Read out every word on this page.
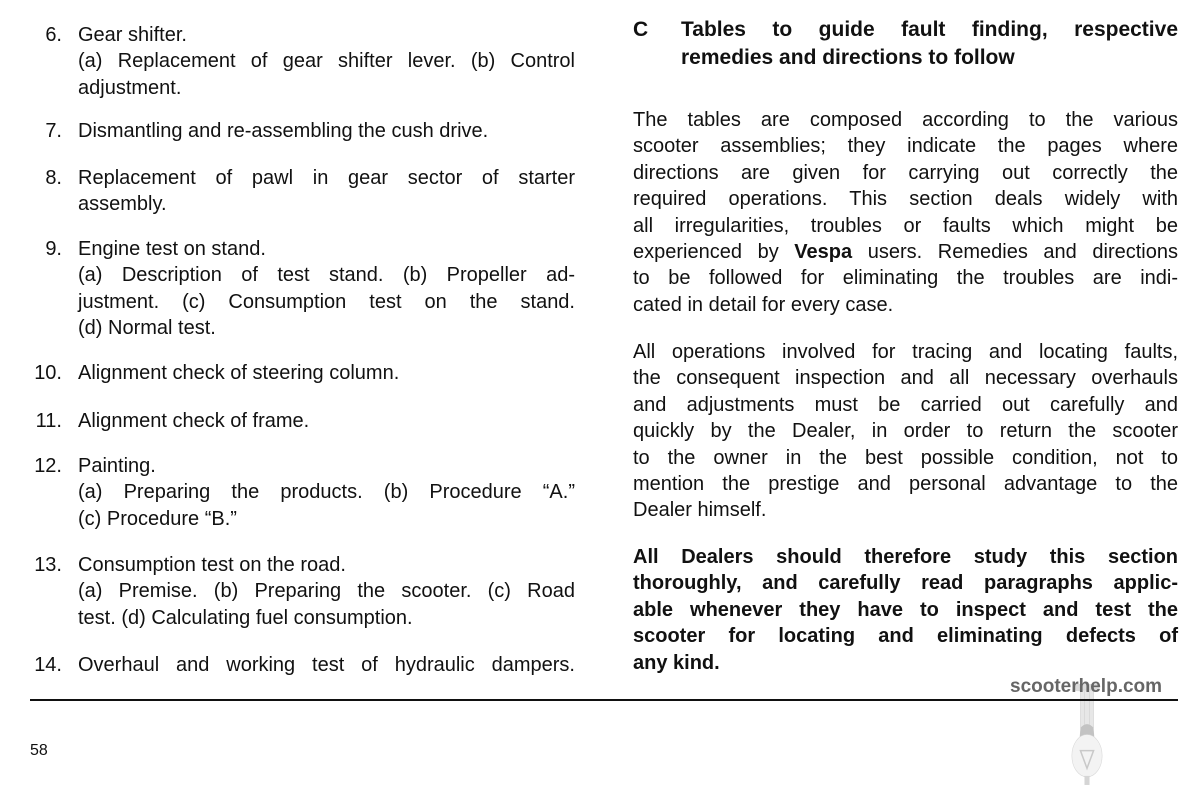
6. Gear shifter.
(a) Replacement of gear shifter lever. (b) Control
adjustment.
7. Dismantling and re-assembling the cush drive.
8. Replacement of pawl in gear sector of starter
assembly.
9. Engine test on stand.
(a) Description of test stand. (b) Propeller ad-
justment. (c) Consumption test on the stand.
(d) Normal test.
10. Alignment check of steering column.
11. Alignment check of frame.
12. Painting.
(a) Preparing the products. (b) Procedure “A.”
(c) Procedure “B.”
13. Consumption test on the road.
(a) Premise. (b) Preparing the scooter. (c) Road
test. (d) Calculating fuel consumption.
14. Overhaul and working test of hydraulic dampers.
C Tables to guide fault finding, respective
remedies and directions to follow
The tables are composed according to the various
scooter assemblies; they indicate the pages where
directions are given for carrying out correctly the
required operations. This section deals widely with
all irregularities, troubles or faults which might be
experienced by Vespa users. Remedies and directions
to be followed for eliminating the troubles are indi-
cated in detail for every case.
All operations involved for tracing and locating faults,
the consequent inspection and all necessary overhauls
and adjustments must be carried out carefully and
quickly by the Dealer, in order to return the scooter
to the owner in the best possible condition, not to
mention the prestige and personal advantage to the
Dealer himself.
All Dealers should therefore study this section
thoroughly, and carefully read paragraphs applic-
able whenever they have to inspect and test the
scooter for locating and eliminating defects of
any kind.
58
scooterhelp.com
